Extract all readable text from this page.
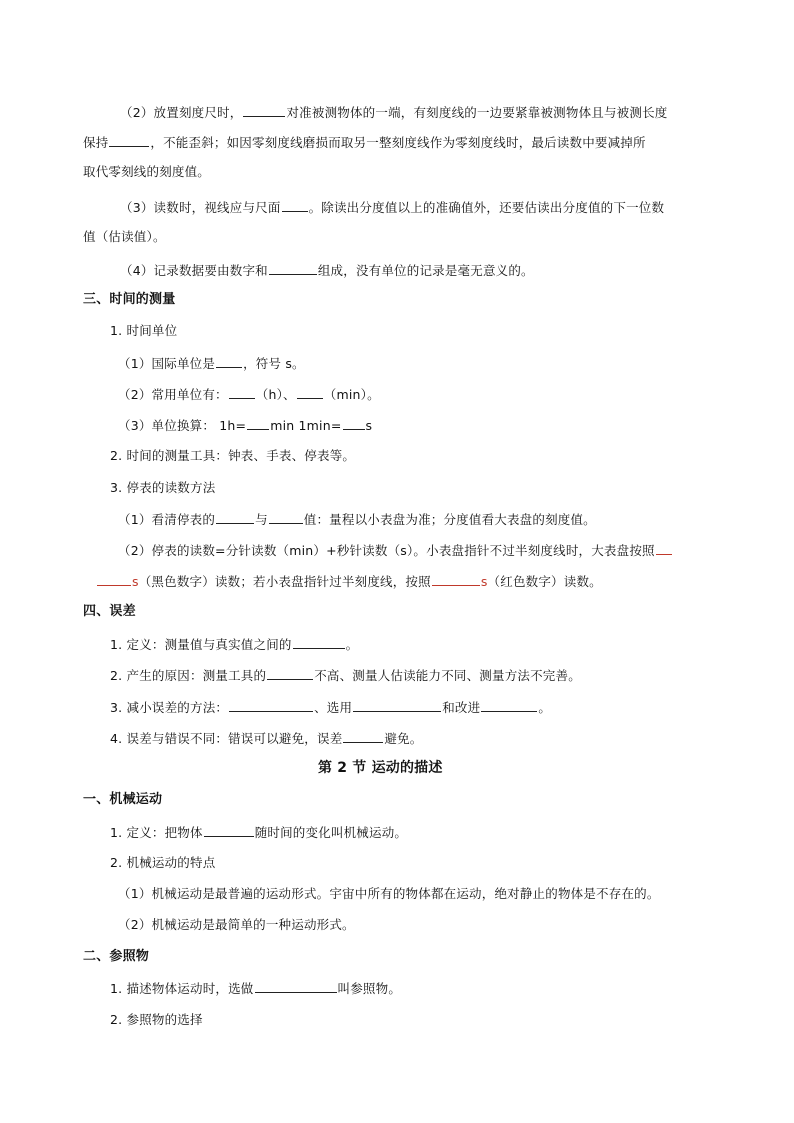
（2）放置刻度尺时，	对准被测物体的一端，有刻度线的一边要紧靠被测物体且与被测长度
保持	，不能歪斜；如因零刻度线磨损而取另一整刻度线作为零刻度线时，最后读数中要减掉所
取代零刻线的刻度值。
（3）读数时，视线应与尺面 。除读出分度值以上的准确值外，还要估读出分度值的下一位数
值（估读值）。
（4）记录数据要由数字和	组成，没有单位的记录是毫无意义的。
三、时间的测量
1. 时间单位
（1）国际单位是 ，符号 s。
（2）常用单位有： （h）、 （min）。
（3）单位换算： 1h= min 1min= s
2. 时间的测量工具：钟表、手表、停表等。
3. 停表的读数方法
（1）看清停表的	与	值：量程以小表盘为准；分度值看大表盘的刻度值。
（2）停表的读数=分针读数（min）+秒针读数（s）。小表盘指针不过半刻度线时，大表盘按照
s（黑色数字）读数；若小表盘指针过半刻度线，按照	s（红色数字）读数。
四、误差
1. 定义：测量值与真实值之间的	。
2. 产生的原因：测量工具的	不高、测量人估读能力不同、测量方法不完善。
3. 减小误差的方法：	、选用	和改进	。
4. 误差与错误不同：错误可以避免，误差	避免。
第 2 节 运动的描述
一、机械运动
1. 定义：把物体	随时间的变化叫机械运动。
2. 机械运动的特点
（1）机械运动是最普遍的运动形式。宇宙中所有的物体都在运动，绝对静止的物体是不存在的。
（2）机械运动是最简单的一种运动形式。
二、参照物
1. 描述物体运动时，选做	叫参照物。
2. 参照物的选择
